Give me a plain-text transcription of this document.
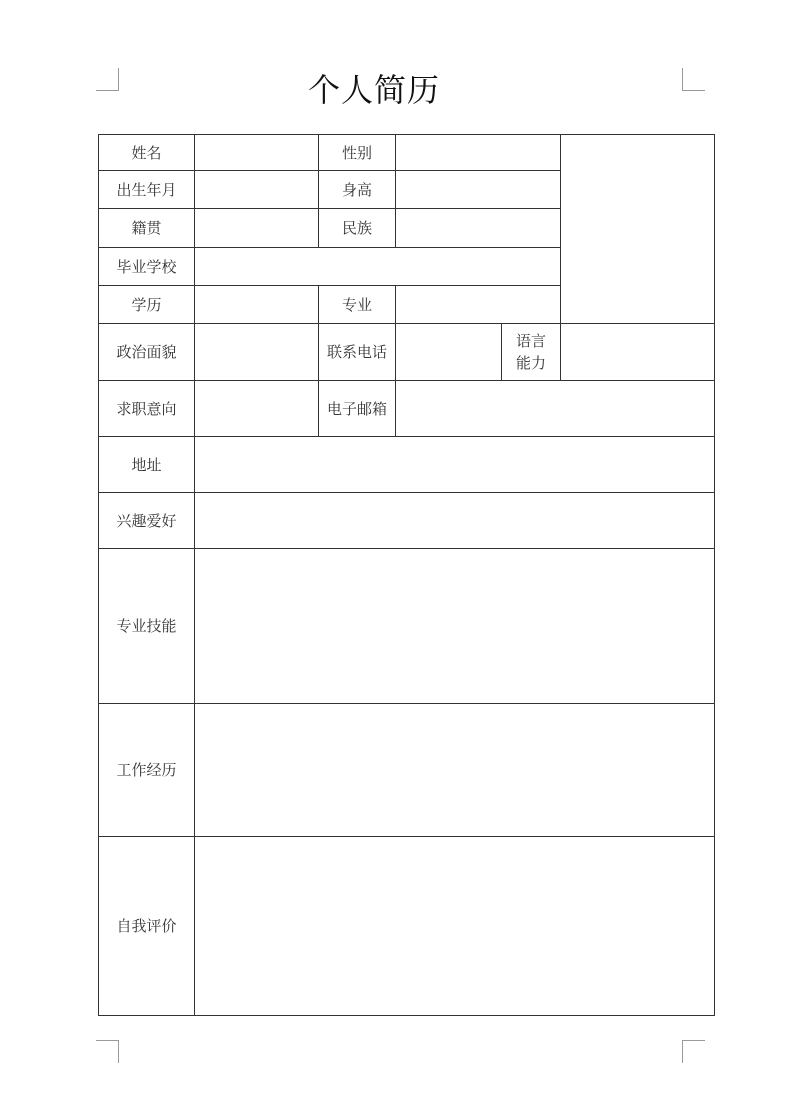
个人简历
姓名		性别			
出生年月		身高			
籍贯		民族			
毕业学校					
学历		专业			
政治面貌		联系电话		语言
能力	

求职意向		电子邮箱			
地址					
兴趣爱好					
专业技能					
工作经历					
自我评价					
